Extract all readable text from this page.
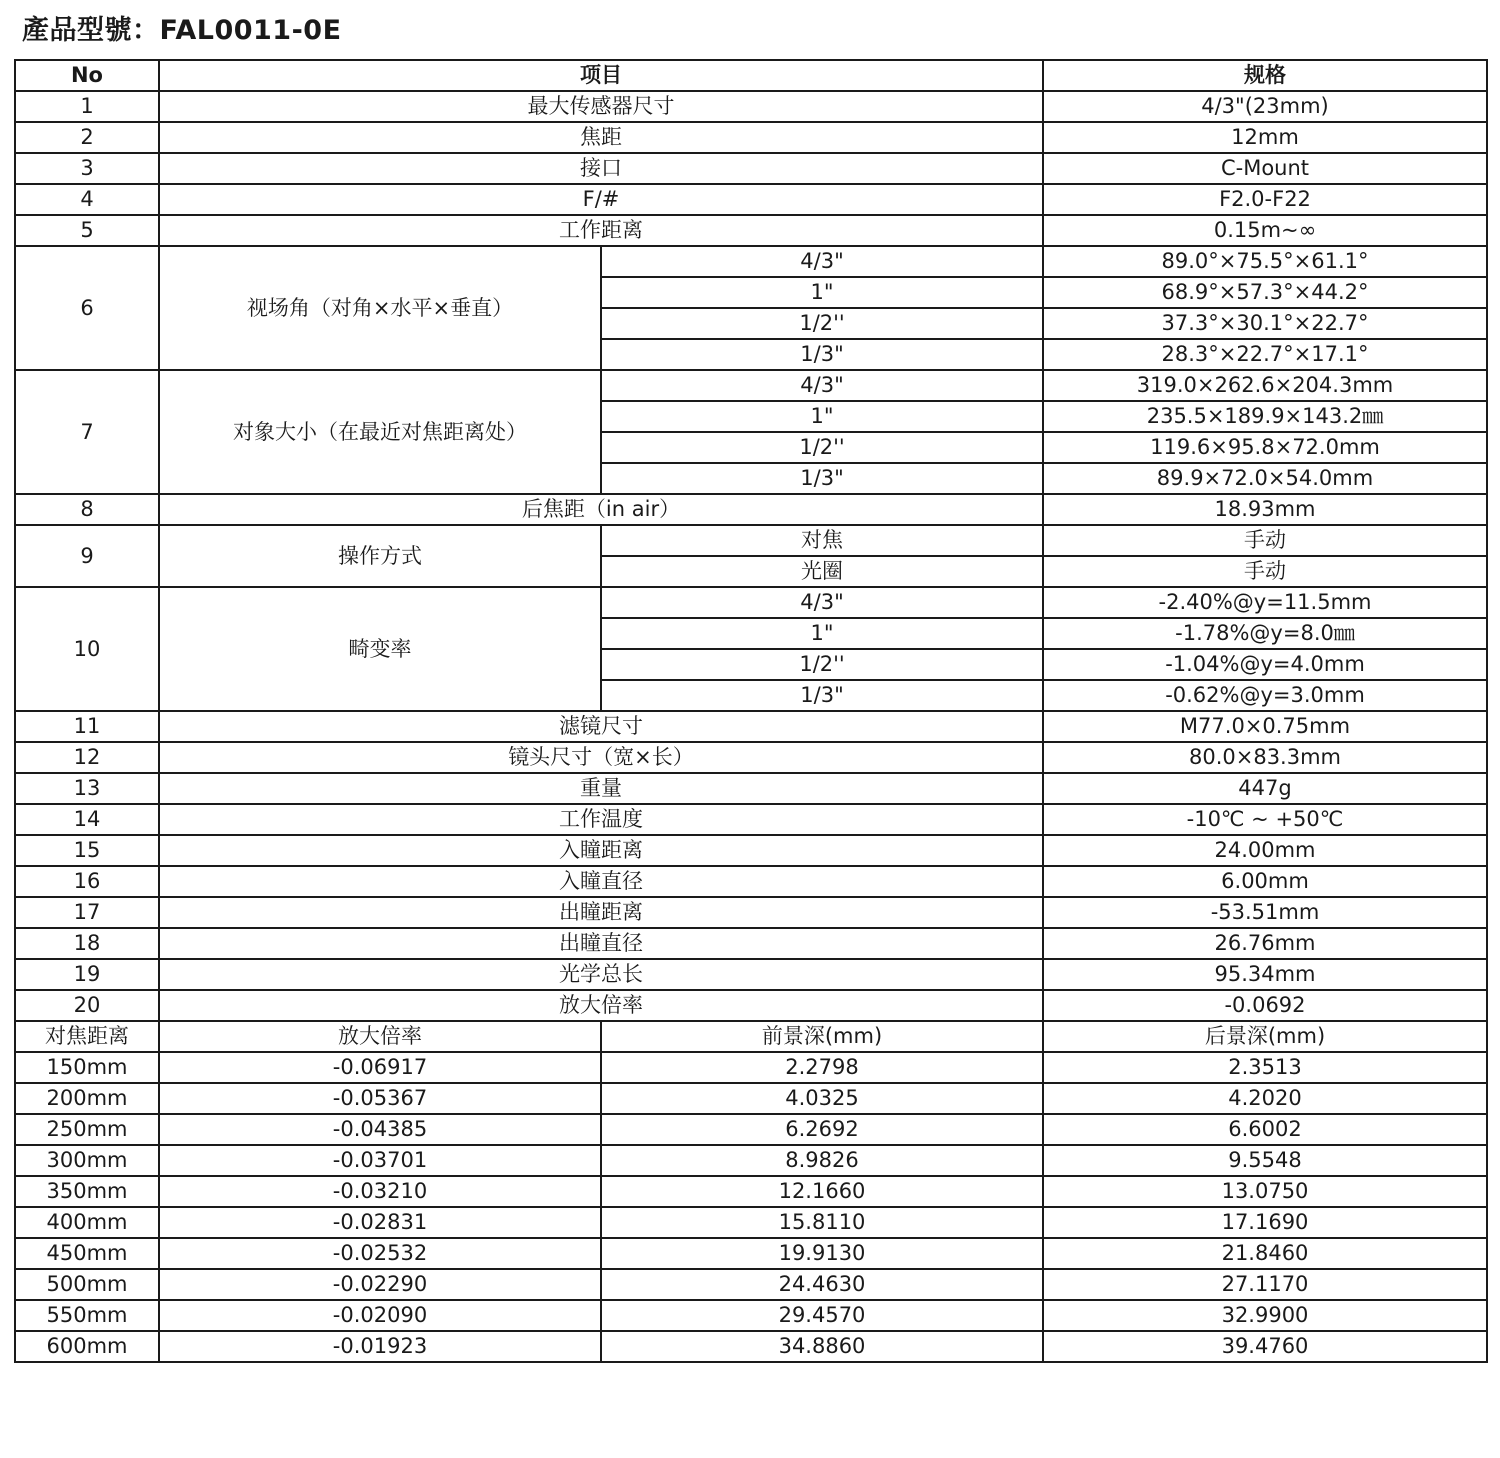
產品型號：FAL0011-0E
No	项目		规格
1	最大传感器尺寸		4/3"(23mm)
2	焦距		12mm
3	接口		C-Mount
4	F/#		F2.0-F22
5	工作距离		0.15m~∞
6	视场角（对角×水平×垂直）	4/3"	89.0°×75.5°×61.1°
		1"	68.9°×57.3°×44.2°
		1/2''	37.3°×30.1°×22.7°
		1/3"	28.3°×22.7°×17.1°
7	对象大小（在最近对焦距离处）	4/3"	319.0×262.6×204.3mm
		1"	235.5×189.9×143.2㎜
		1/2''	119.6×95.8×72.0mm
		1/3"	89.9×72.0×54.0mm
8	后焦距（in air）		18.93mm
9	操作方式	对焦	手动
		光圈	手动
10	畸变率	4/3"	-2.40%@y=11.5mm
		1"	-1.78%@y=8.0㎜
		1/2''	-1.04%@y=4.0mm
		1/3"	-0.62%@y=3.0mm
11	滤镜尺寸		M77.0×0.75mm
12	镜头尺寸（宽×长）		80.0×83.3mm
13	重量		447g
14	工作温度		-10℃ ~ +50℃
15	入瞳距离		24.00mm
16	入瞳直径		6.00mm
17	出瞳距离		-53.51mm
18	出瞳直径		26.76mm
19	光学总长		95.34mm
20	放大倍率		-0.0692
对焦距离	放大倍率	前景深(mm)	后景深(mm)
150mm	-0.06917	2.2798	2.3513
200mm	-0.05367	4.0325	4.2020
250mm	-0.04385	6.2692	6.6002
300mm	-0.03701	8.9826	9.5548
350mm	-0.03210	12.1660	13.0750
400mm	-0.02831	15.8110	17.1690
450mm	-0.02532	19.9130	21.8460
500mm	-0.02290	24.4630	27.1170
550mm	-0.02090	29.4570	32.9900
600mm	-0.01923	34.8860	39.4760
